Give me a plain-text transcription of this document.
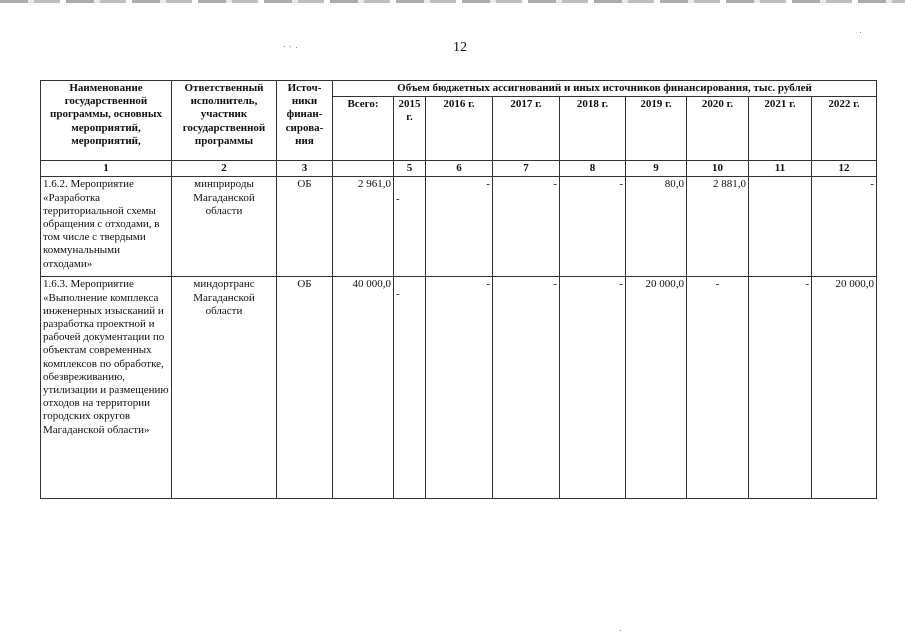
12
Наименование государственной программы, основных мероприятий, мероприятий,	Ответственный исполнитель, участник государственной программы	Источ-ники финан-сирова-ния	Объем бюджетных ассигнований и иных источников финансирования, тыс. рублей								
			Всего:	2015 г.	2016 г.	2017 г.	2018 г.	2019 г.	2020 г.	2021 г.	2022 г.
1	2	3		5	6	7	8	9	10	11	12
1.6.2. Мероприятие «Разработка территориальной схемы обращения с отходами, в том числе с твердыми коммунальными отходами»	минприроды Магаданской области	ОБ	2 961,0	-	-	-	-	80,0	2 881,0		-
1.6.3. Мероприятие «Выполнение комплекса инженерных изысканий и разработка проектной и рабочей документации по объектам современных комплексов по обработке, обезвреживанию, утилизации и размещению отходов на территории городских округов Магаданской области»	миндортранс Магаданской области	ОБ	40 000,0	-	-	-	-	20 000,0	-	-	20 000,0
